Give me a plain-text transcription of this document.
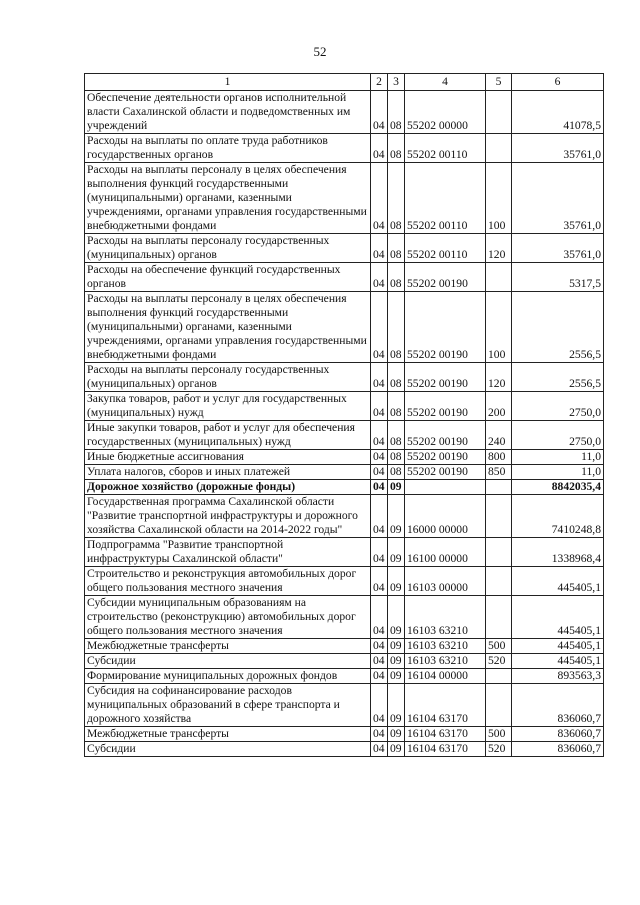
52
1	2	3	4	5	6
Обеспечение деятельности органов исполнительной власти Сахалинской области и подведомственных им учреждений	04	08	55202 00000		41078,5
Расходы на выплаты по оплате труда работников государственных органов	04	08	55202 00110		35761,0
Расходы на выплаты персоналу в целях обеспечения выполнения функций государственными (муниципальными) органами, казенными учреждениями, органами управления государственными внебюджетными фондами	04	08	55202 00110	100	35761,0
Расходы на выплаты персоналу государственных (муниципальных) органов	04	08	55202 00110	120	35761,0
Расходы на обеспечение функций государственных органов	04	08	55202 00190		5317,5
Расходы на выплаты персоналу в целях обеспечения выполнения функций государственными (муниципальными) органами, казенными учреждениями, органами управления государственными внебюджетными фондами	04	08	55202 00190	100	2556,5
Расходы на выплаты персоналу государственных (муниципальных) органов	04	08	55202 00190	120	2556,5
Закупка товаров, работ и услуг для государственных (муниципальных) нужд	04	08	55202 00190	200	2750,0
Иные закупки товаров, работ и услуг для обеспечения государственных (муниципальных) нужд	04	08	55202 00190	240	2750,0
Иные бюджетные ассигнования	04	08	55202 00190	800	11,0
Уплата налогов, сборов и иных платежей	04	08	55202 00190	850	11,0
Дорожное хозяйство (дорожные фонды)	04	09			8842035,4
Государственная программа Сахалинской области "Развитие транспортной инфраструктуры и дорожного хозяйства Сахалинской области на 2014-2022 годы"	04	09	16000 00000		7410248,8
Подпрограмма "Развитие транспортной инфраструктуры Сахалинской области"	04	09	16100 00000		1338968,4
Строительство и реконструкция автомобильных дорог общего пользования местного значения	04	09	16103 00000		445405,1
Субсидии муниципальным образованиям на строительство (реконструкцию) автомобильных дорог общего пользования местного значения	04	09	16103 63210		445405,1
Межбюджетные трансферты	04	09	16103 63210	500	445405,1
Субсидии	04	09	16103 63210	520	445405,1
Формирование муниципальных дорожных фондов	04	09	16104 00000		893563,3
Субсидия на софинансирование расходов муниципальных образований в сфере транспорта и дорожного хозяйства	04	09	16104 63170		836060,7
Межбюджетные трансферты	04	09	16104 63170	500	836060,7
Субсидии	04	09	16104 63170	520	836060,7
